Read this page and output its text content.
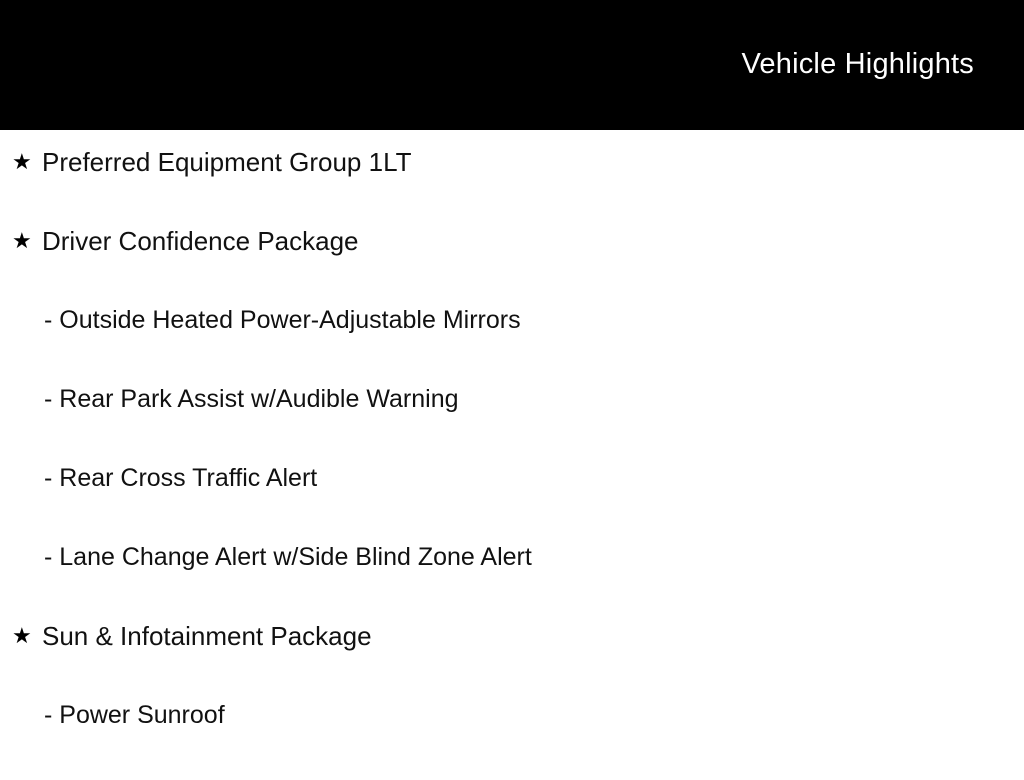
Vehicle Highlights
★ Preferred Equipment Group 1LT
★ Driver Confidence Package
- Outside Heated Power-Adjustable Mirrors
- Rear Park Assist w/Audible Warning
- Rear Cross Traffic Alert
- Lane Change Alert w/Side Blind Zone Alert
★ Sun & Infotainment Package
- Power Sunroof
